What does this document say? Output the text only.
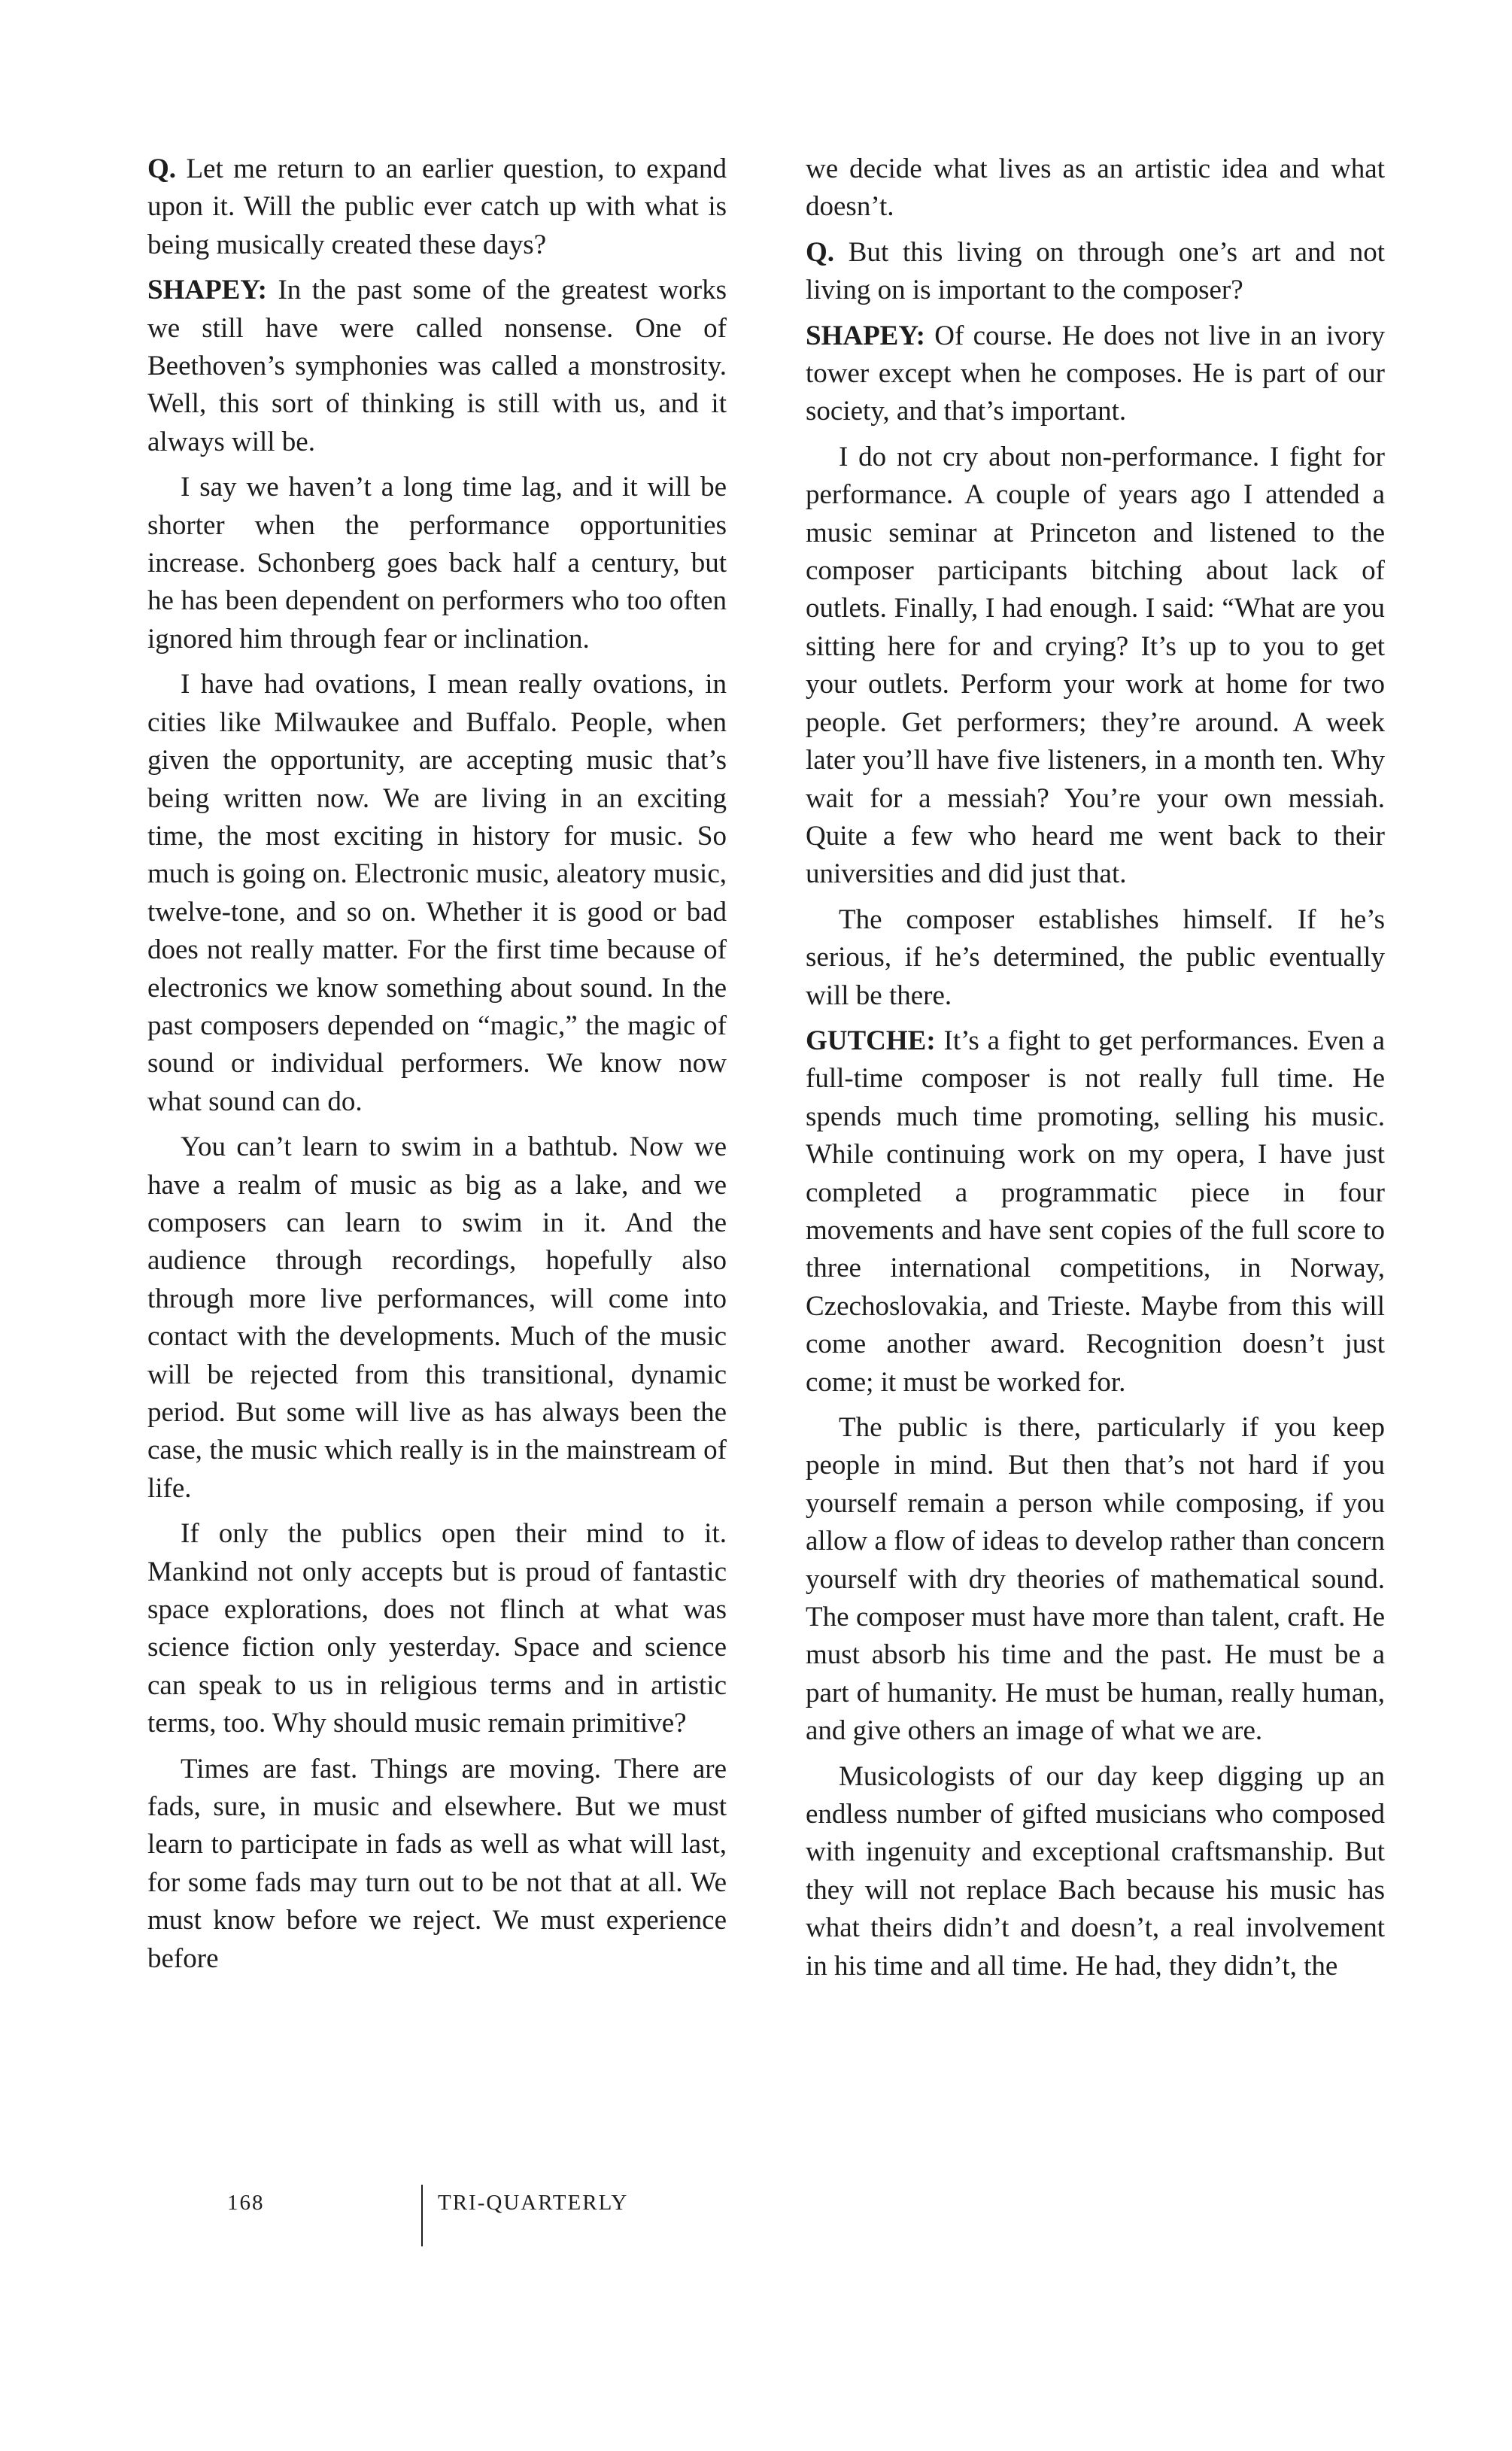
Q. Let me return to an earlier question, to expand upon it. Will the public ever catch up with what is being musically created these days?

SHAPEY: In the past some of the greatest works we still have were called nonsense. One of Beethoven’s symphonies was called a monstrosity. Well, this sort of thinking is still with us, and it always will be.

I say we haven’t a long time lag, and it will be shorter when the performance opportunities increase. Schonberg goes back half a century, but he has been dependent on performers who too often ignored him through fear or inclination.

I have had ovations, I mean really ovations, in cities like Milwaukee and Buffalo. People, when given the opportunity, are accepting music that’s being written now. We are living in an exciting time, the most exciting in history for music. So much is going on. Electronic music, aleatory music, twelve-tone, and so on. Whether it is good or bad does not really matter. For the first time because of electronics we know something about sound. In the past composers depended on “magic,” the magic of sound or individual performers. We know now what sound can do.

You can’t learn to swim in a bathtub. Now we have a realm of music as big as a lake, and we composers can learn to swim in it. And the audience through recordings, hopefully also through more live performances, will come into contact with the developments. Much of the music will be rejected from this transitional, dynamic period. But some will live as has always been the case, the music which really is in the mainstream of life.

If only the publics open their mind to it. Mankind not only accepts but is proud of fantastic space explorations, does not flinch at what was science fiction only yesterday. Space and science can speak to us in religious terms and in artistic terms, too. Why should music remain primitive?

Times are fast. Things are moving. There are fads, sure, in music and elsewhere. But we must learn to participate in fads as well as what will last, for some fads may turn out to be not that at all. We must know before we reject. We must experience before

we decide what lives as an artistic idea and what doesn’t.

Q. But this living on through one’s art and not living on is important to the composer?

SHAPEY: Of course. He does not live in an ivory tower except when he composes. He is part of our society, and that’s important.

I do not cry about non-performance. I fight for performance. A couple of years ago I attended a music seminar at Princeton and listened to the composer participants bitching about lack of outlets. Finally, I had enough. I said: “What are you sitting here for and crying? It’s up to you to get your outlets. Perform your work at home for two people. Get performers; they’re around. A week later you’ll have five listeners, in a month ten. Why wait for a messiah? You’re your own messiah. Quite a few who heard me went back to their universities and did just that.

The composer establishes himself. If he’s serious, if he’s determined, the public eventually will be there.

GUTCHE: It’s a fight to get performances. Even a full-time composer is not really full time. He spends much time promoting, selling his music. While continuing work on my opera, I have just completed a programmatic piece in four movements and have sent copies of the full score to three international competitions, in Norway, Czechoslovakia, and Trieste. Maybe from this will come another award. Recognition doesn’t just come; it must be worked for.

The public is there, particularly if you keep people in mind. But then that’s not hard if you yourself remain a person while composing, if you allow a flow of ideas to develop rather than concern yourself with dry theories of mathematical sound. The composer must have more than talent, craft. He must absorb his time and the past. He must be a part of humanity. He must be human, really human, and give others an image of what we are.

Musicologists of our day keep digging up an endless number of gifted musicians who composed with ingenuity and exceptional craftsmanship. But they will not replace Bach because his music has what theirs didn’t and doesn’t, a real involvement in his time and all time. He had, they didn’t, the

168	TRI-QUARTERLY
